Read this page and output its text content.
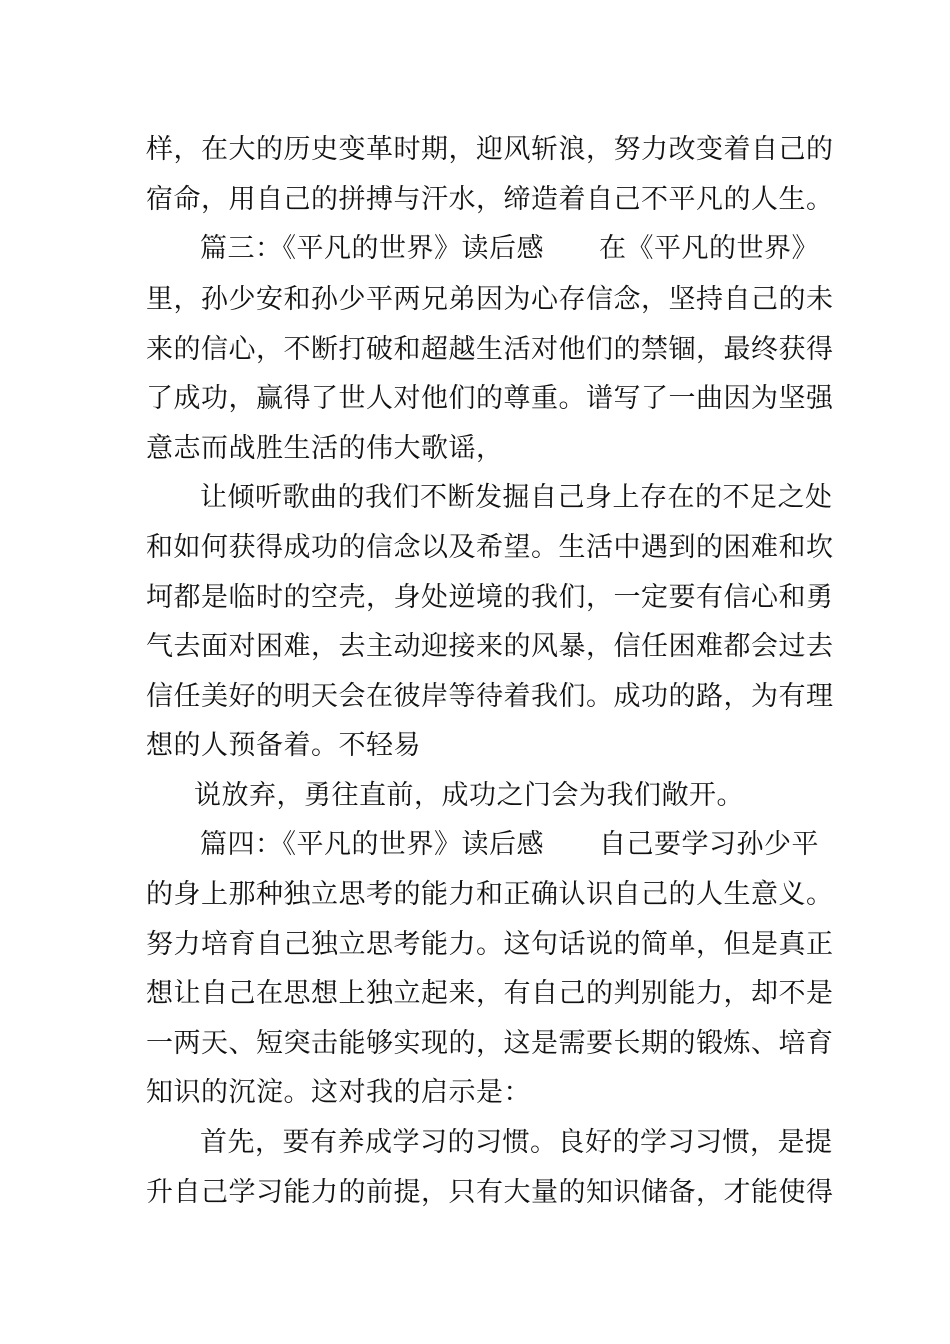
样，在大的历史变革时期，迎风斩浪，努力改变着自己的
宿命，用自己的拼搏与汗水，缔造着自己不平凡的人生。
篇三：《平凡的世界》读后感　　在《平凡的世界》
里，孙少安和孙少平两兄弟因为心存信念，坚持自己的未
来的信心，不断打破和超越生活对他们的禁锢，最终获得
了成功，赢得了世人对他们的尊重。谱写了一曲因为坚强
意志而战胜生活的伟大歌谣，
让倾听歌曲的我们不断发掘自己身上存在的不足之处
和如何获得成功的信念以及希望。生活中遇到的困难和坎
坷都是临时的空壳，身处逆境的我们，一定要有信心和勇
气去面对困难，去主动迎接来的风暴，信任困难都会过去
信任美好的明天会在彼岸等待着我们。成功的路，为有理
想的人预备着。不轻易
说放弃，勇往直前，成功之门会为我们敞开。
篇四：《平凡的世界》读后感　　自己要学习孙少平
的身上那种独立思考的能力和正确认识自己的人生意义。
努力培育自己独立思考能力。这句话说的简单，但是真正
想让自己在思想上独立起来，有自己的判别能力，却不是
一两天、短突击能够实现的，这是需要长期的锻炼、培育
知识的沉淀。这对我的启示是：
首先，要有养成学习的习惯。良好的学习习惯，是提
升自己学习能力的前提，只有大量的知识储备，才能使得
